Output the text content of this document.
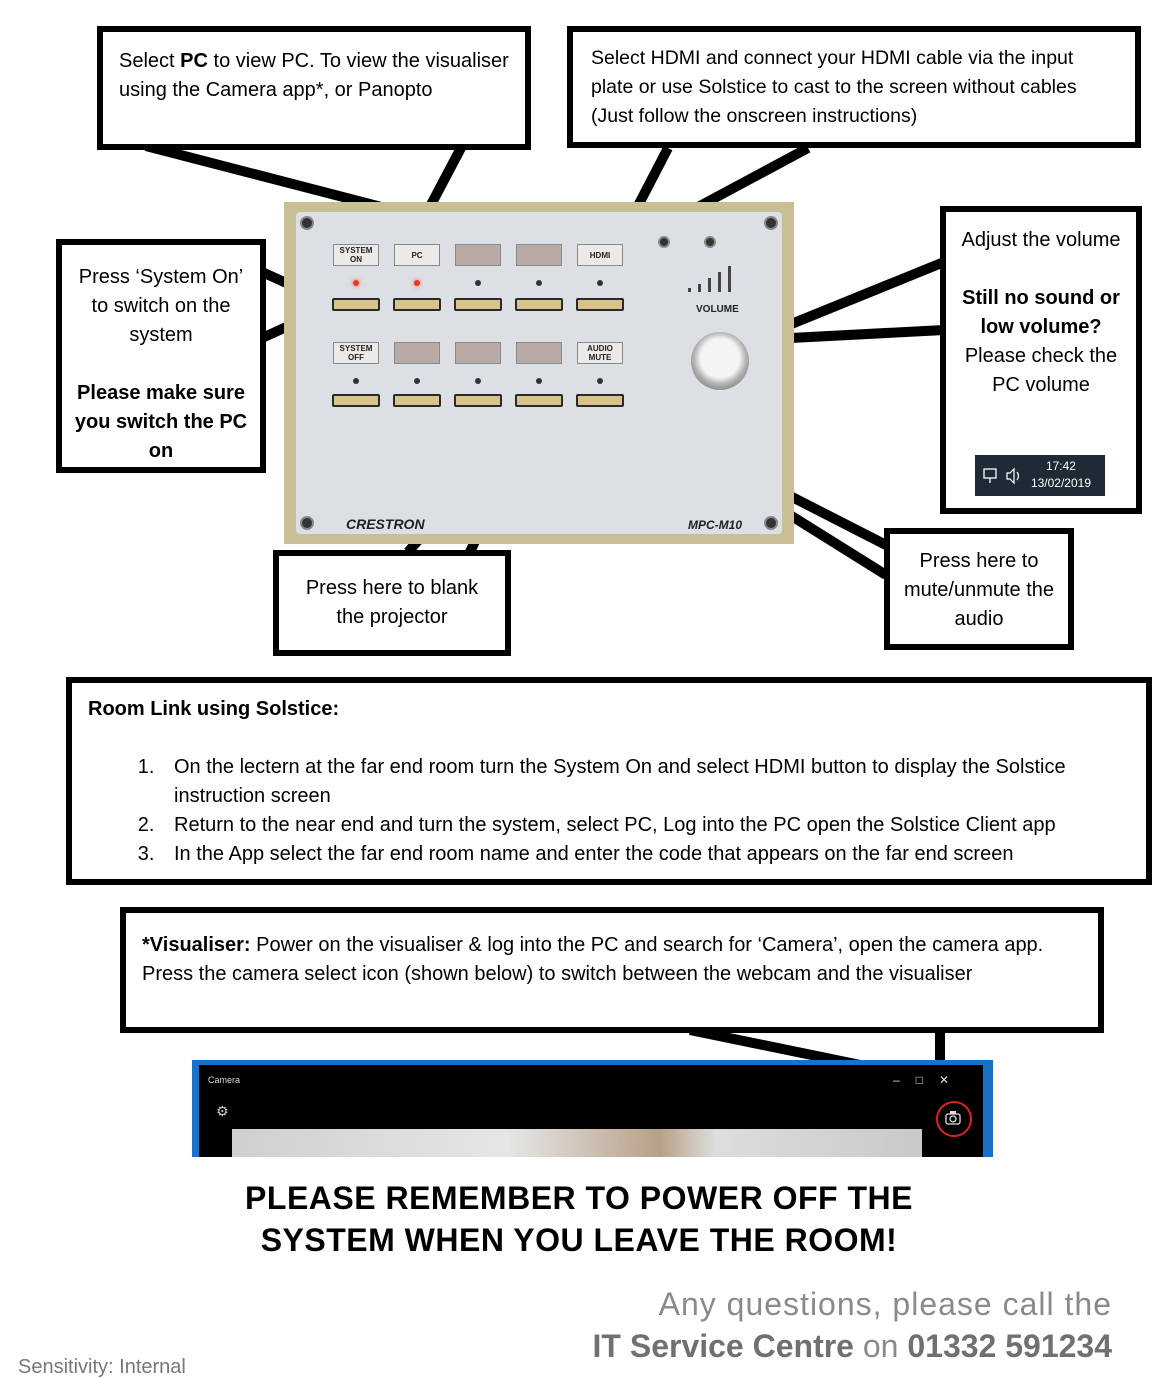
SYSTEM ON	PC	HDMI
SYSTEM OFF
AUDIO MUTE
VOLUME
CRESTRON	MPC-M10
Select PC to view PC. To view the visualiser using the Camera app*, or Panopto
Select HDMI and connect your HDMI cable via the input plate or use Solstice to cast to the screen without cables (Just follow the onscreen instructions)
Press ‘System On’ to switch on the system
Please make sure you switch the PC on
Adjust the volume
Still no sound or low volume? Please check the PC volume
17:42
13/02/2019
Press here to blank the projector
Press here to mute/unmute the audio
Room Link using Solstice:
1. On the lectern at the far end room turn the System On and select HDMI button to display the Solstice instruction screen
2. Return to the near end and turn the system, select PC, Log into the PC open the Solstice Client app
3. In the App select the far end room name and enter the code that appears on the far end screen
*Visualiser: Power on the visualiser & log into the PC and search for ‘Camera’, open the camera app. Press the camera select icon (shown below) to switch between the webcam and the visualiser
Camera	–□✕
⚙
PLEASE REMEMBER TO POWER OFF THE
SYSTEM WHEN YOU LEAVE THE ROOM!
Any questions, please call the
IT Service Centre on 01332 591234
Sensitivity: Internal
